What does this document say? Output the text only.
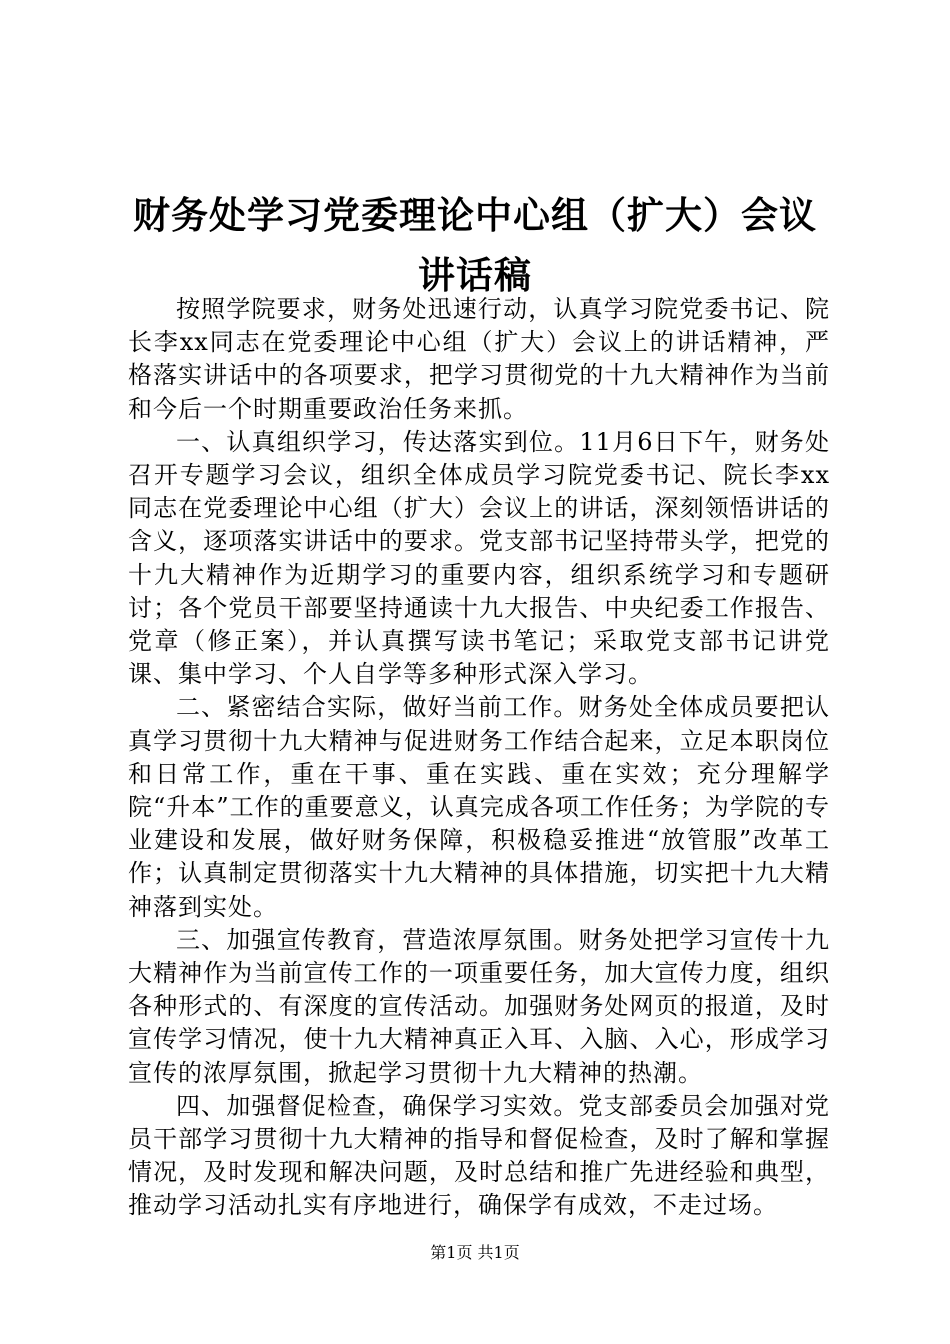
财务处学习党委理论中心组（扩大）会议讲话稿

按照学院要求，财务处迅速行动，认真学习院党委书记、院长李xx同志在党委理论中心组（扩大）会议上的讲话精神，严格落实讲话中的各项要求，把学习贯彻党的十九大精神作为当前和今后一个时期重要政治任务来抓。

一、认真组织学习，传达落实到位。11月6日下午，财务处召开专题学习会议，组织全体成员学习院党委书记、院长李xx同志在党委理论中心组（扩大）会议上的讲话，深刻领悟讲话的含义，逐项落实讲话中的要求。党支部书记坚持带头学，把党的十九大精神作为近期学习的重要内容，组织系统学习和专题研讨；各个党员干部要坚持通读十九大报告、中央纪委工作报告、党章（修正案），并认真撰写读书笔记；采取党支部书记讲党课、集中学习、个人自学等多种形式深入学习。

二、紧密结合实际，做好当前工作。财务处全体成员要把认真学习贯彻十九大精神与促进财务工作结合起来，立足本职岗位和日常工作，重在干事、重在实践、重在实效；充分理解学院“升本”工作的重要意义，认真完成各项工作任务；为学院的专业建设和发展，做好财务保障，积极稳妥推进“放管服”改革工作；认真制定贯彻落实十九大精神的具体措施，切实把十九大精神落到实处。

三、加强宣传教育，营造浓厚氛围。财务处把学习宣传十九大精神作为当前宣传工作的一项重要任务，加大宣传力度，组织各种形式的、有深度的宣传活动。加强财务处网页的报道，及时宣传学习情况，使十九大精神真正入耳、入脑、入心，形成学习宣传的浓厚氛围，掀起学习贯彻十九大精神的热潮。

四、加强督促检查，确保学习实效。党支部委员会加强对党员干部学习贯彻十九大精神的指导和督促检查，及时了解和掌握情况，及时发现和解决问题，及时总结和推广先进经验和典型，推动学习活动扎实有序地进行，确保学有成效，不走过场。

第1页 共1页
